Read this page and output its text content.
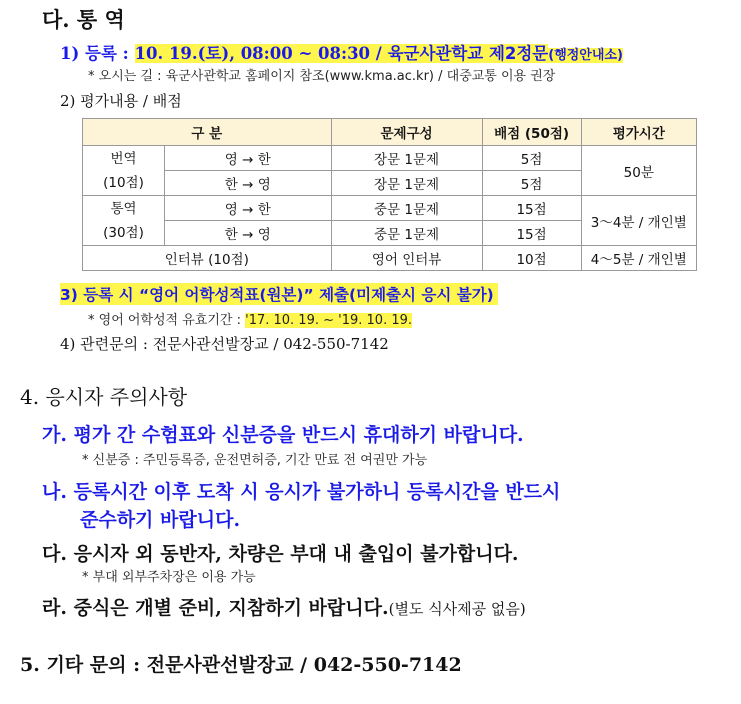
다. 통 역
1) 등록 : 10. 19.(토), 08:00 ~ 08:30 / 육군사관학교 제2정문(행정안내소)
* 오시는 길 : 육군사관학교 홈페이지 참조(www.kma.ac.kr) / 대중교통 이용 권장
2) 평가내용 / 배점
구 분		문제구성	배점 (50점)	평가시간
번역
(10점)	영 → 한	장문 1문제	5점	50분
	한 → 영	장문 1문제	5점	
통역
(30점)	영 → 한	중문 1문제	15점	3～4분 / 개인별
	한 → 영	중문 1문제	15점	
인터뷰 (10점)		영어 인터뷰	10점	4～5분 / 개인별
3) 등록 시 “영어 어학성적표(원본)” 제출(미제출시 응시 불가)
* 영어 어학성적 유효기간 : '17. 10. 19. ~ '19. 10. 19.
4) 관련문의 : 전문사관선발장교 / 042-550-7142
4. 응시자 주의사항
가. 평가 간 수험표와 신분증을 반드시 휴대하기 바랍니다.
* 신분증 : 주민등록증, 운전면허증, 기간 만료 전 여권만 가능
나. 등록시간 이후 도착 시 응시가 불가하니 등록시간을 반드시
준수하기 바랍니다.
다. 응시자 외 동반자, 차량은 부대 내 출입이 불가합니다.
* 부대 외부주차장은 이용 가능
라. 중식은 개별 준비, 지참하기 바랍니다.(별도 식사제공 없음)
5. 기타 문의 : 전문사관선발장교 / 042-550-7142
